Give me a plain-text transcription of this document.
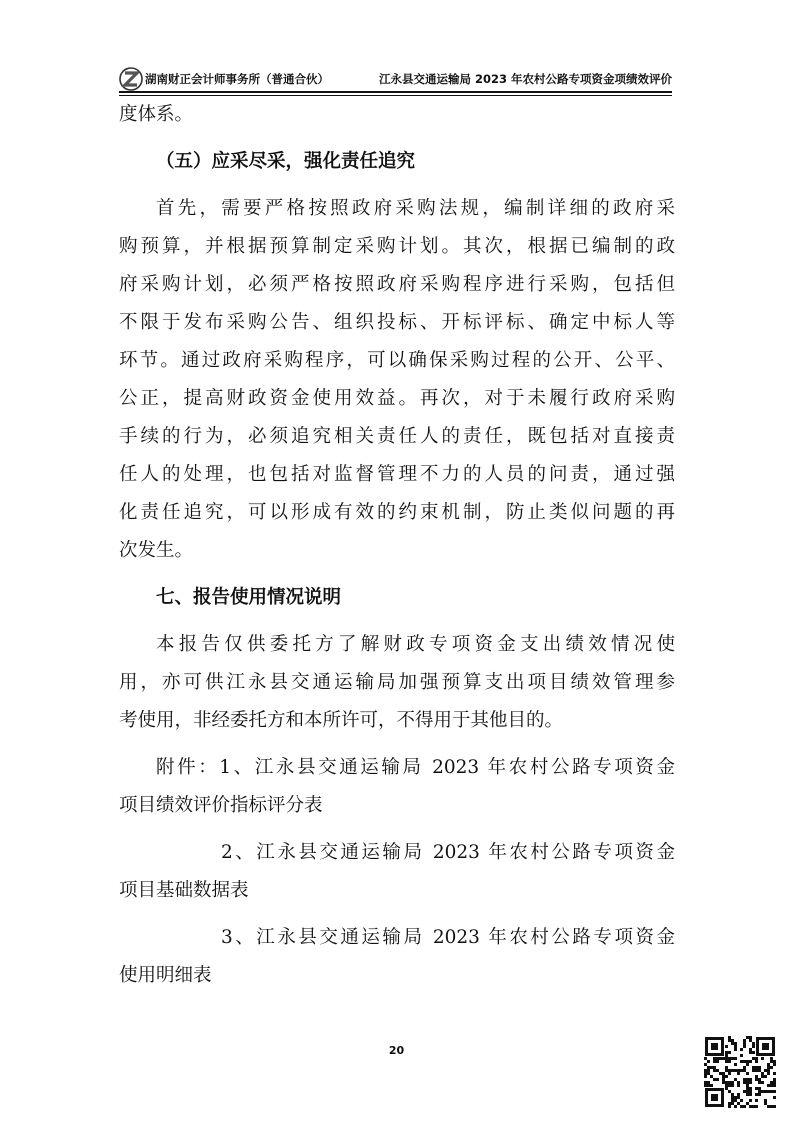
湖南财正会计师事务所（普通合伙）	江永县交通运输局 2023 年农村公路专项资金项绩效评价
度体系。
（五）应采尽采，强化责任追究
首先，需要严格按照政府采购法规，编制详细的政府采
购预算，并根据预算制定采购计划。其次，根据已编制的政
府采购计划，必须严格按照政府采购程序进行采购，包括但
不限于发布采购公告、组织投标、开标评标、确定中标人等
环节。通过政府采购程序，可以确保采购过程的公开、公平、
公正，提高财政资金使用效益。再次，对于未履行政府采购
手续的行为，必须追究相关责任人的责任，既包括对直接责
任人的处理，也包括对监督管理不力的人员的问责，通过强
化责任追究，可以形成有效的约束机制，防止类似问题的再
次发生。
七、报告使用情况说明
本报告仅供委托方了解财政专项资金支出绩效情况使
用，亦可供江永县交通运输局加强预算支出项目绩效管理参
考使用，非经委托方和本所许可，不得用于其他目的。
附件：1、江永县交通运输局 2023 年农村公路专项资金
项目绩效评价指标评分表
2、江永县交通运输局 2023 年农村公路专项资金
项目基础数据表
3、江永县交通运输局 2023 年农村公路专项资金
使用明细表
20
